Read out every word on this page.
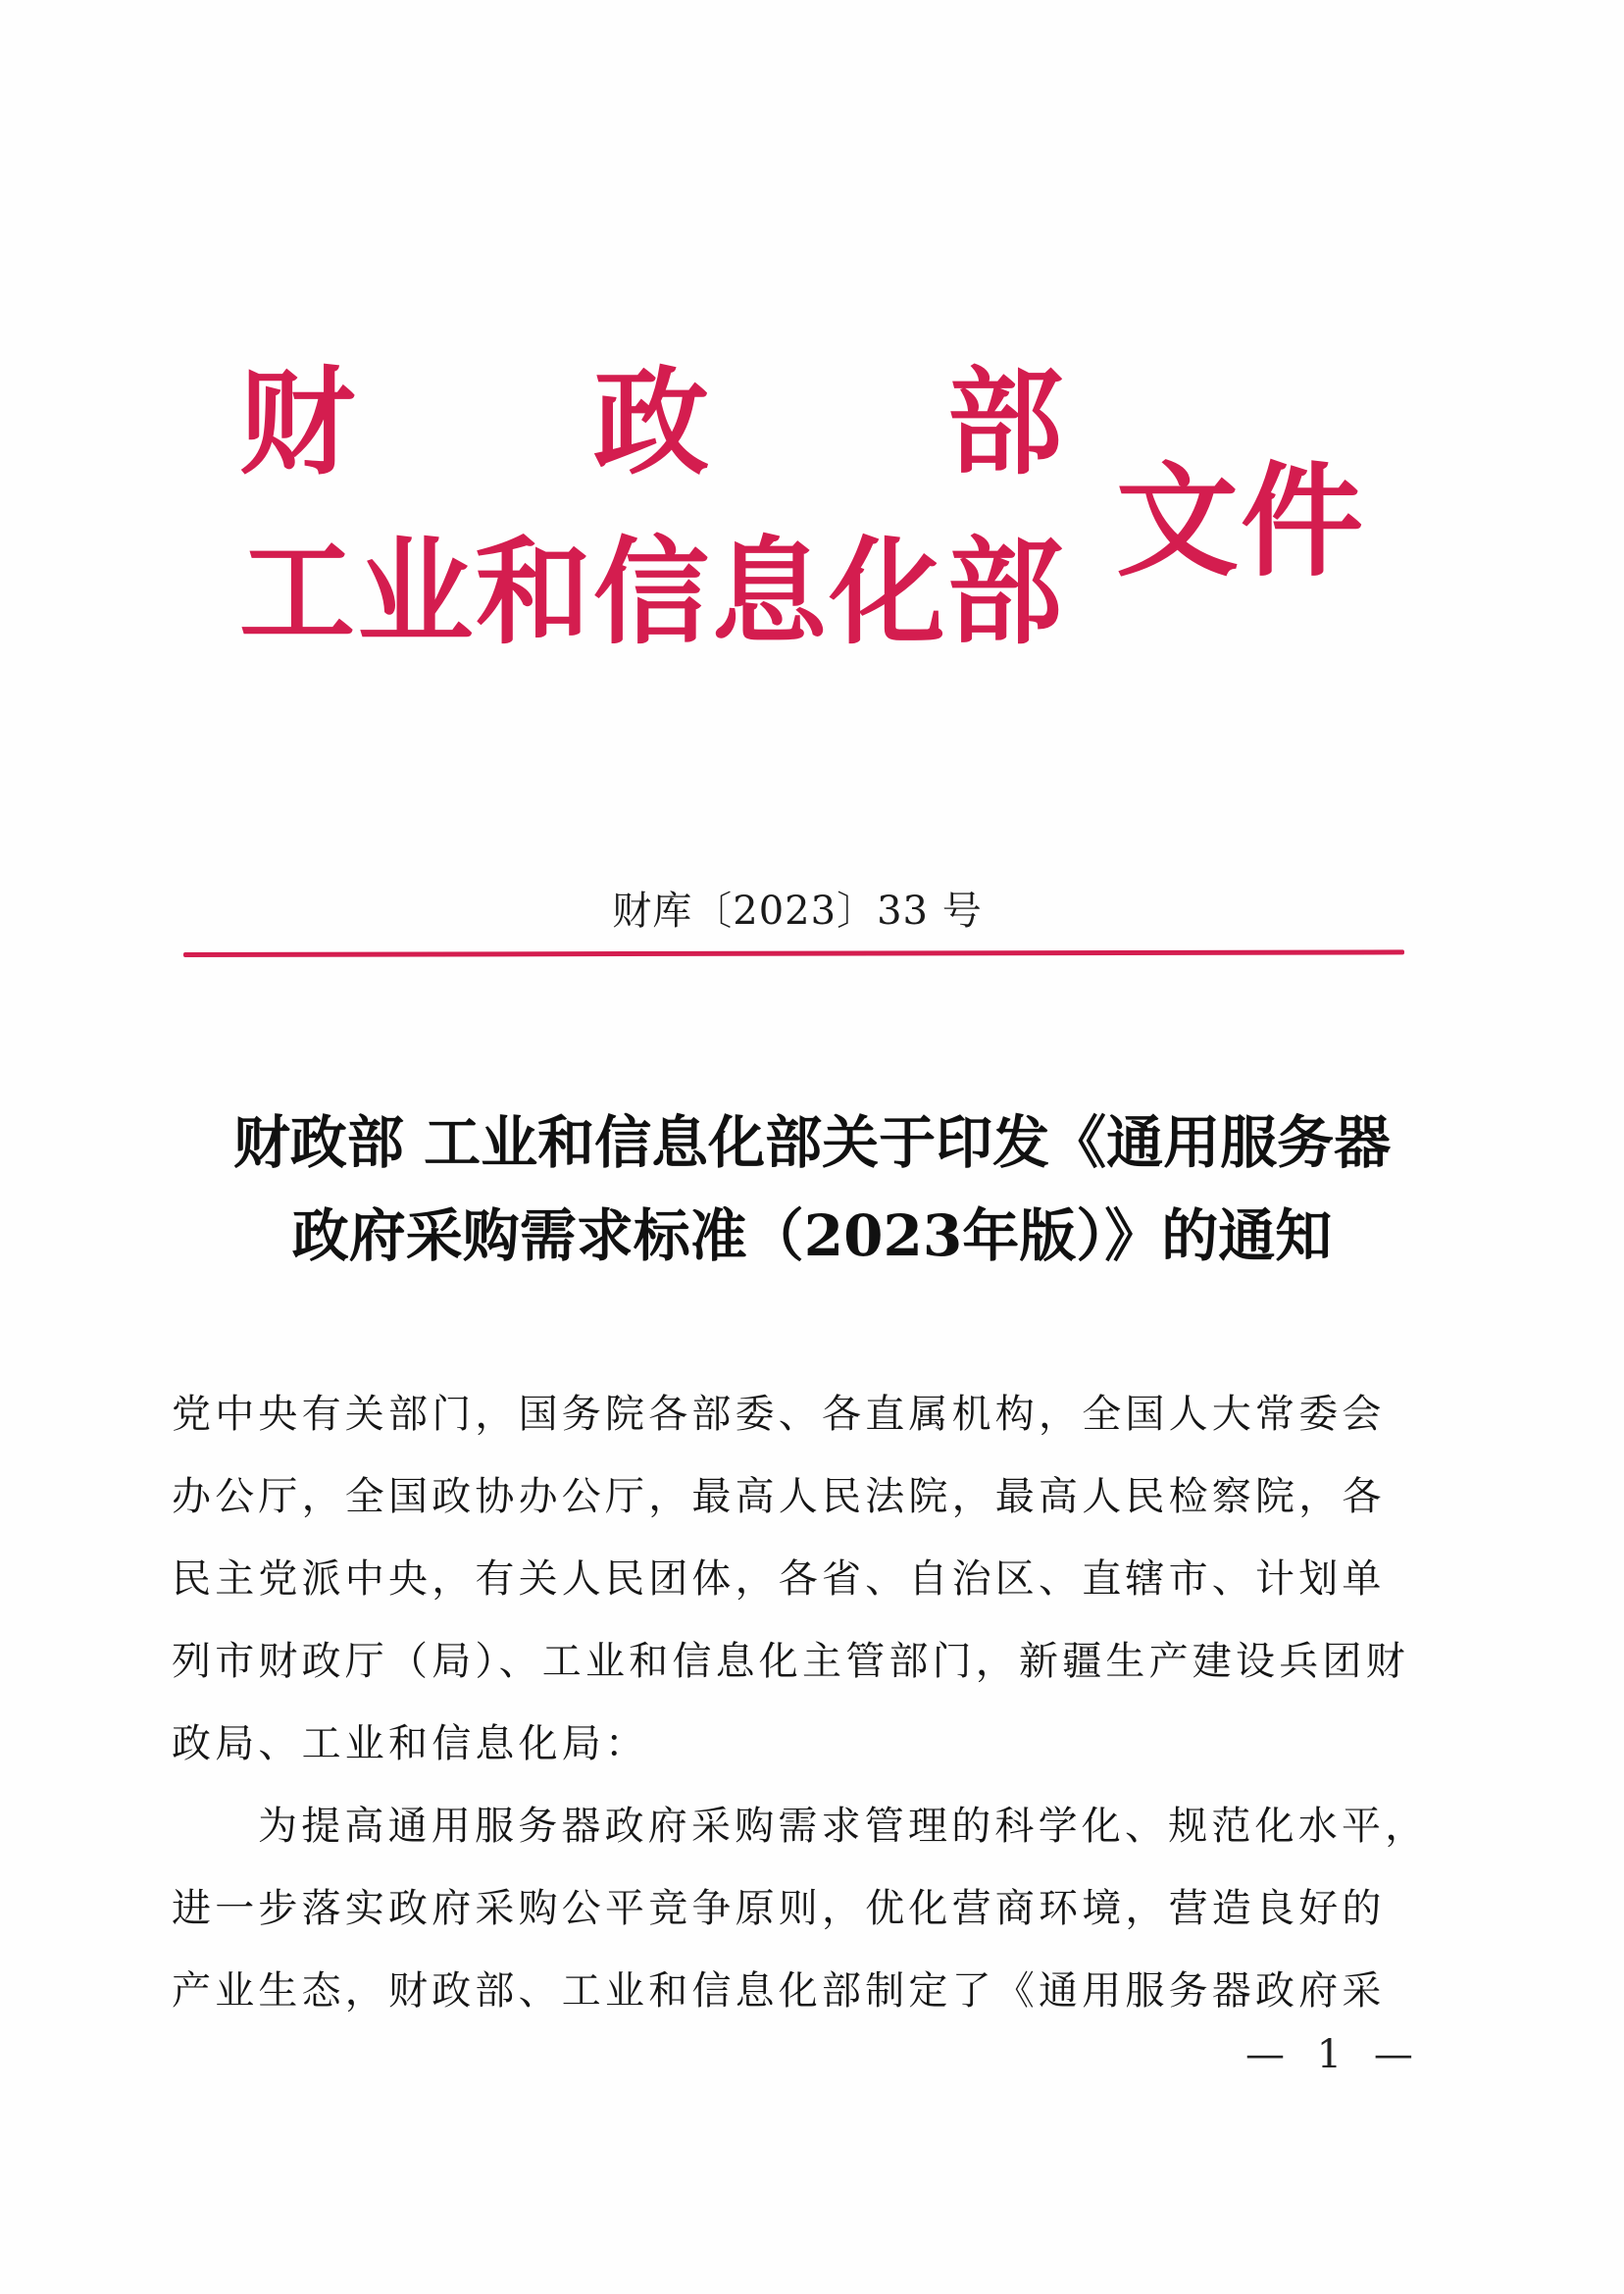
财 政 部
工 业 和 信 息 化 部 文件
财库〔2023〕33 号
财政部 工业和信息化部关于印发《通用服务器
政府采购需求标准（2023年版）》的通知

党中央有关部门，国务院各部委、各直属机构，全国人大常委会
办公厅，全国政协办公厅，最高人民法院，最高人民检察院，各
民主党派中央，有关人民团体，各省、自治区、直辖市、计划单
列市财政厅（局）、工业和信息化主管部门，新疆生产建设兵团财
政局、工业和信息化局：

为提高通用服务器政府采购需求管理的科学化、规范化水平，
进一步落实政府采购公平竞争原则，优化营商环境，营造良好的
产业生态，财政部、工业和信息化部制定了《通用服务器政府采

— 1 —
